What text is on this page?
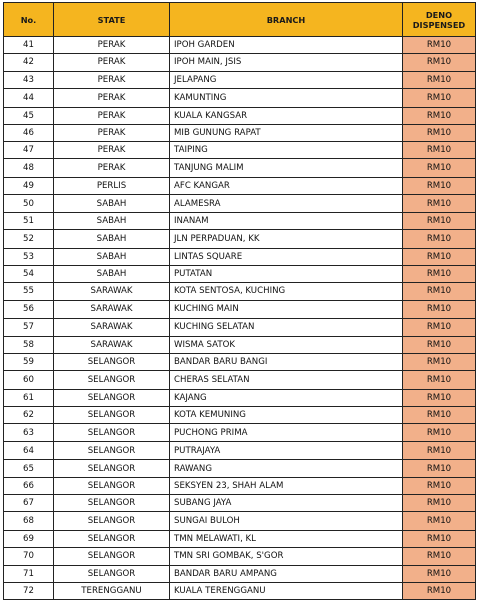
No.	STATE	BRANCH	DENO
DISPENSED
41	PERAK	IPOH GARDEN	RM10
42	PERAK	IPOH MAIN, JSIS	RM10
43	PERAK	JELAPANG	RM10
44	PERAK	KAMUNTING	RM10
45	PERAK	KUALA KANGSAR	RM10
46	PERAK	MIB GUNUNG RAPAT	RM10
47	PERAK	TAIPING	RM10
48	PERAK	TANJUNG MALIM	RM10
49	PERLIS	AFC KANGAR	RM10
50	SABAH	ALAMESRA	RM10
51	SABAH	INANAM	RM10
52	SABAH	JLN PERPADUAN, KK	RM10
53	SABAH	LINTAS SQUARE	RM10
54	SABAH	PUTATAN	RM10
55	SARAWAK	KOTA SENTOSA, KUCHING	RM10
56	SARAWAK	KUCHING MAIN	RM10
57	SARAWAK	KUCHING SELATAN	RM10
58	SARAWAK	WISMA SATOK	RM10
59	SELANGOR	BANDAR BARU BANGI	RM10
60	SELANGOR	CHERAS SELATAN	RM10
61	SELANGOR	KAJANG	RM10
62	SELANGOR	KOTA KEMUNING	RM10
63	SELANGOR	PUCHONG PRIMA	RM10
64	SELANGOR	PUTRAJAYA	RM10
65	SELANGOR	RAWANG	RM10
66	SELANGOR	SEKSYEN 23, SHAH ALAM	RM10
67	SELANGOR	SUBANG JAYA	RM10
68	SELANGOR	SUNGAI BULOH	RM10
69	SELANGOR	TMN MELAWATI, KL	RM10
70	SELANGOR	TMN SRI GOMBAK, S'GOR	RM10
71	SELANGOR	BANDAR BARU AMPANG	RM10
72	TERENGGANU	KUALA TERENGGANU	RM10
